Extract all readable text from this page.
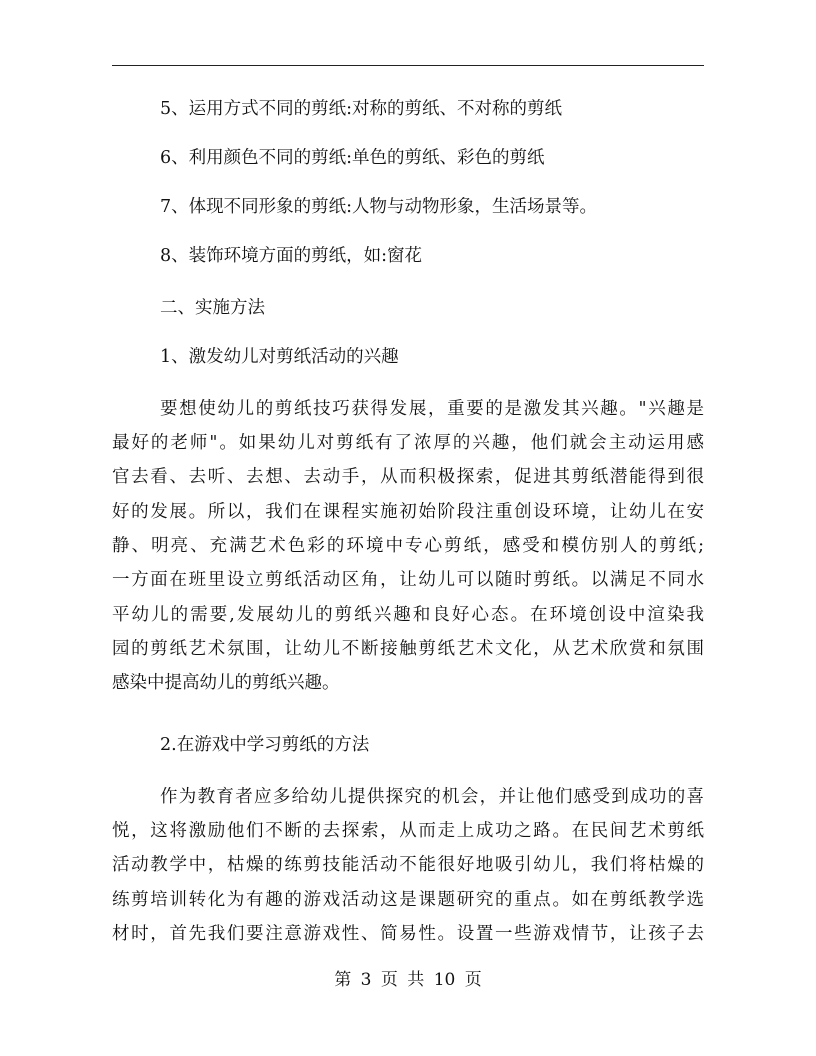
5、运用方式不同的剪纸:对称的剪纸、不对称的剪纸
6、利用颜色不同的剪纸:单色的剪纸、彩色的剪纸
7、体现不同形象的剪纸:人物与动物形象，生活场景等。
8、装饰环境方面的剪纸，如:窗花
二、实施方法
1、激发幼儿对剪纸活动的兴趣
要想使幼儿的剪纸技巧获得发展，重要的是激发其兴趣。"兴趣是
最好的老师"。如果幼儿对剪纸有了浓厚的兴趣，他们就会主动运用感
官去看、去听、去想、去动手，从而积极探索，促进其剪纸潜能得到很
好的发展。所以，我们在课程实施初始阶段注重创设环境，让幼儿在安
静、明亮、充满艺术色彩的环境中专心剪纸，感受和模仿别人的剪纸;
一方面在班里设立剪纸活动区角，让幼儿可以随时剪纸。以满足不同水
平幼儿的需要,发展幼儿的剪纸兴趣和良好心态。在环境创设中渲染我
园的剪纸艺术氛围，让幼儿不断接触剪纸艺术文化，从艺术欣赏和氛围
感染中提高幼儿的剪纸兴趣。
2.在游戏中学习剪纸的方法
作为教育者应多给幼儿提供探究的机会，并让他们感受到成功的喜
悦，这将激励他们不断的去探索，从而走上成功之路。在民间艺术剪纸
活动教学中，枯燥的练剪技能活动不能很好地吸引幼儿，我们将枯燥的
练剪培训转化为有趣的游戏活动这是课题研究的重点。如在剪纸教学选
材时，首先我们要注意游戏性、简易性。设置一些游戏情节，让孩子去
第 3 页 共 10 页
